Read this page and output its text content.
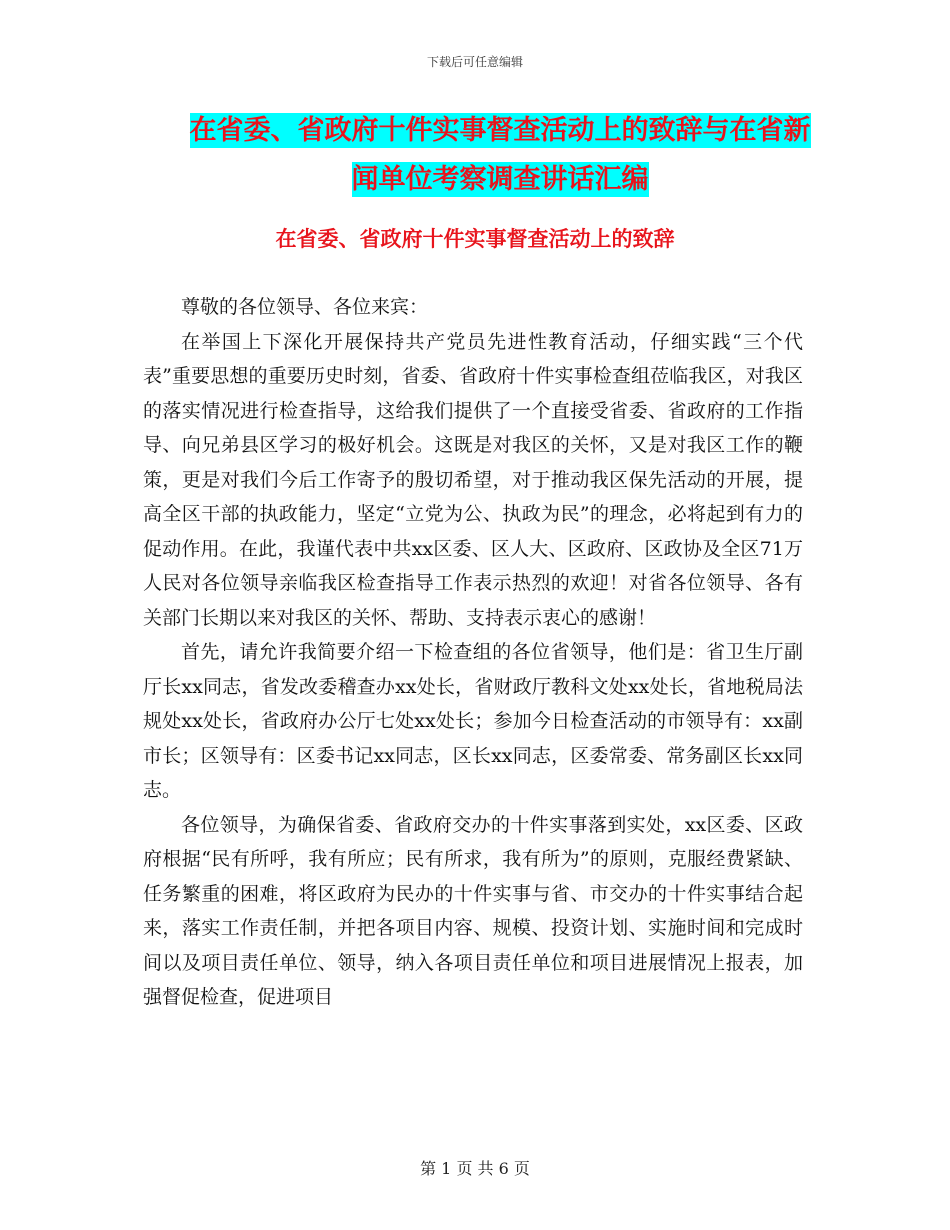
下载后可任意编辑
在省委、省政府十件实事督查活动上的致辞与在省新
闻单位考察调查讲话汇编
在省委、省政府十件实事督查活动上的致辞

尊敬的各位领导、各位来宾：

在举国上下深化开展保持共产党员先进性教育活动，仔细实践“三个代表”重要思想的重要历史时刻，省委、省政府十件实事检查组莅临我区，对我区的落实情况进行检查指导，这给我们提供了一个直接受省委、省政府的工作指导、向兄弟县区学习的极好机会。这既是对我区的关怀，又是对我区工作的鞭策，更是对我们今后工作寄予的殷切希望，对于推动我区保先活动的开展，提高全区干部的执政能力，坚定“立党为公、执政为民”的理念，必将起到有力的促动作用。在此，我谨代表中共xx区委、区人大、区政府、区政协及全区71万人民对各位领导亲临我区检查指导工作表示热烈的欢迎！对省各位领导、各有关部门长期以来对我区的关怀、帮助、支持表示衷心的感谢！

首先，请允许我简要介绍一下检查组的各位省领导，他们是：省卫生厅副厅长xx同志，省发改委稽查办xx处长，省财政厅教科文处xx处长，省地税局法规处xx处长，省政府办公厅七处xx处长；参加今日检查活动的市领导有：xx副市长；区领导有：区委书记xx同志，区长xx同志，区委常委、常务副区长xx同志。

各位领导，为确保省委、省政府交办的十件实事落到实处，xx区委、区政府根据“民有所呼，我有所应；民有所求，我有所为”的原则，克服经费紧缺、任务繁重的困难，将区政府为民办的十件实事与省、市交办的十件实事结合起来，落实工作责任制，并把各项目内容、规模、投资计划、实施时间和完成时间以及项目责任单位、领导，纳入各项目责任单位和项目进展情况上报表，加强督促检查，促进项目

第 1 页 共 6 页
